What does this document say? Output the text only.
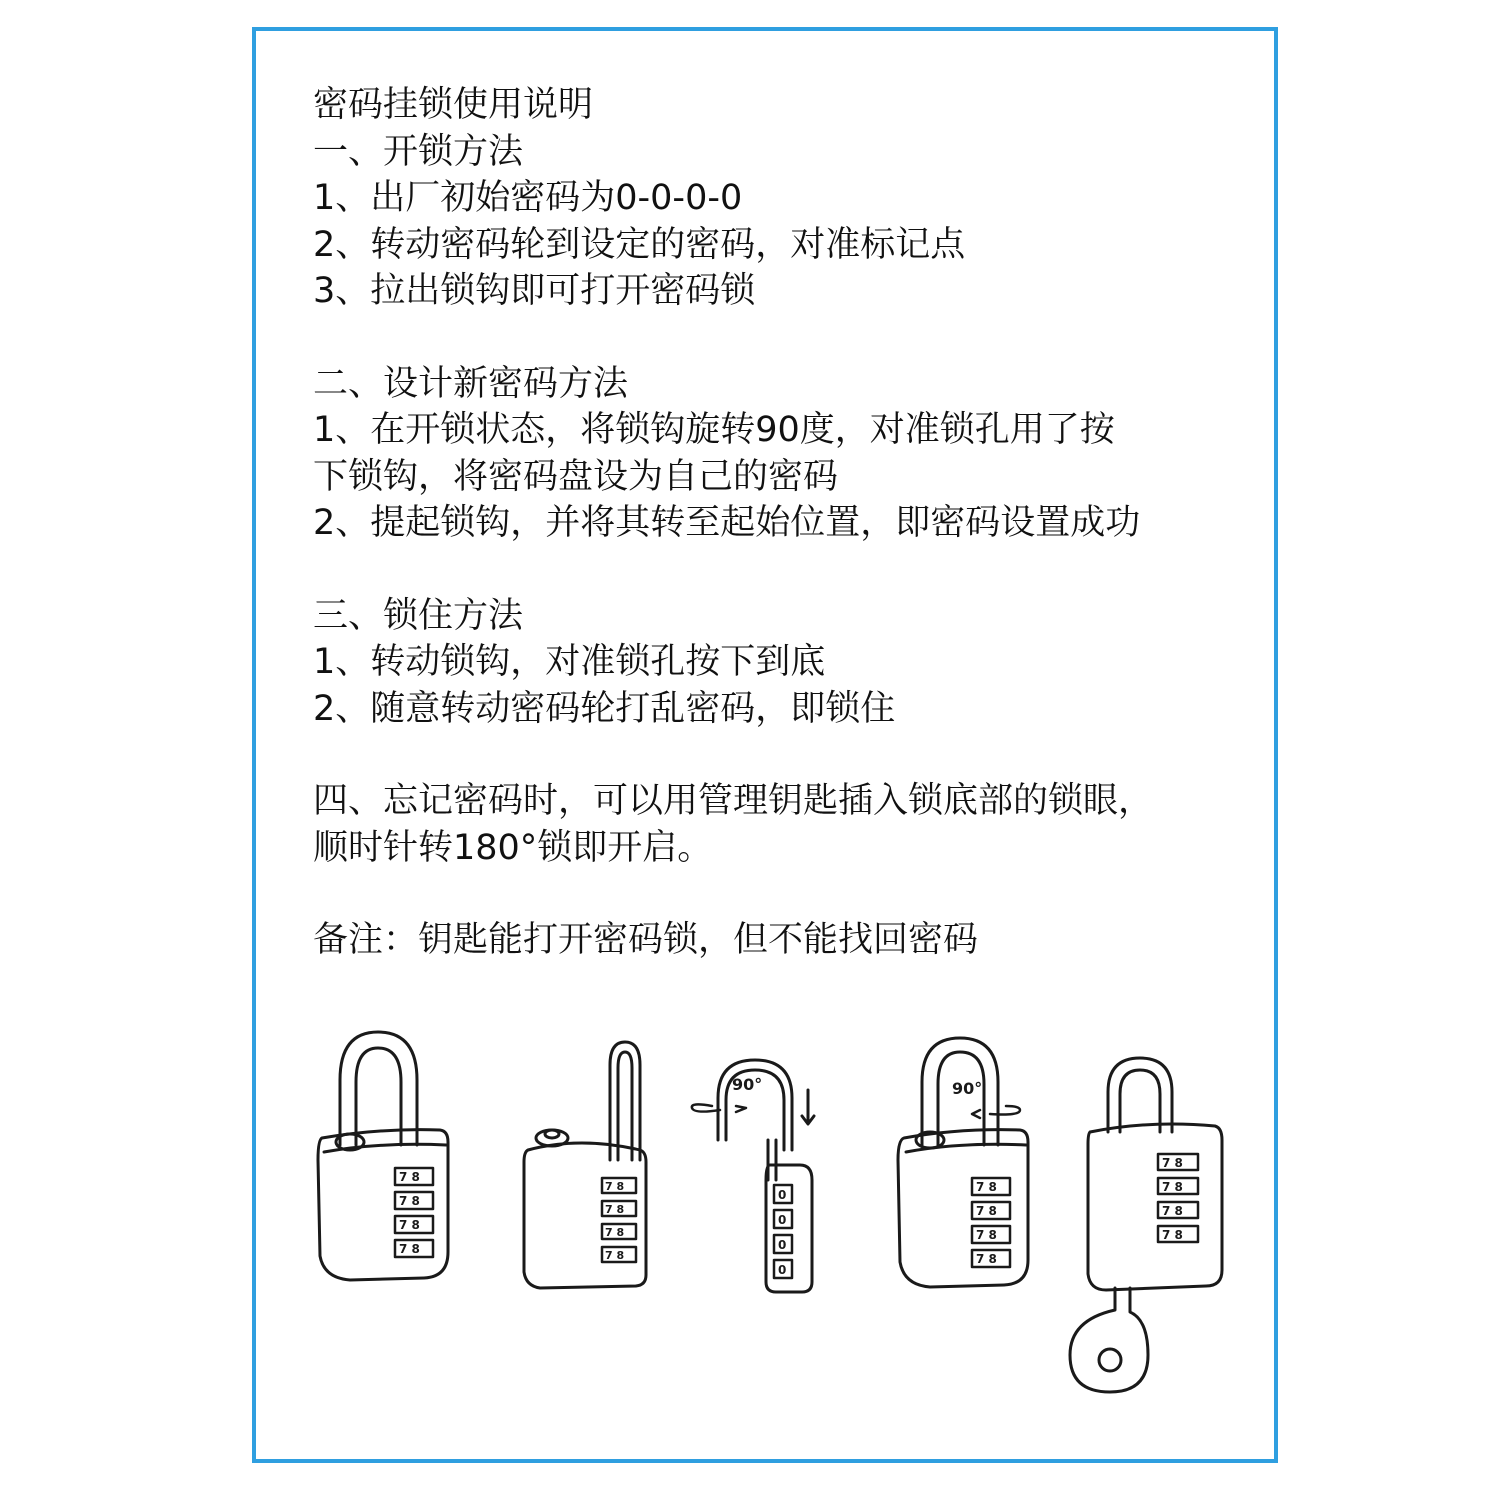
密码挂锁使用说明
一、开锁方法
1、出厂初始密码为0-0-0-0
2、转动密码轮到设定的密码，对准标记点
3、拉出锁钩即可打开密码锁
二、设计新密码方法
1、在开锁状态，将锁钩旋转90度，对准锁孔用了按
下锁钩，将密码盘设为自己的密码
2、提起锁钩，并将其转至起始位置，即密码设置成功
三、锁住方法
1、转动锁钩，对准锁孔按下到底
2、随意转动密码轮打乱密码，即锁住
四、忘记密码时，可以用管理钥匙插入锁底部的锁眼，
顺时针转180°锁即开启。
备注：钥匙能打开密码锁，但不能找回密码
7 8
7 8
7 8
7 8
7 8
7 8
7 8
7 8
0
0
0
0
90°
7 8
7 8
7 8
7 8
90°
7 8
7 8
7 8
7 8
